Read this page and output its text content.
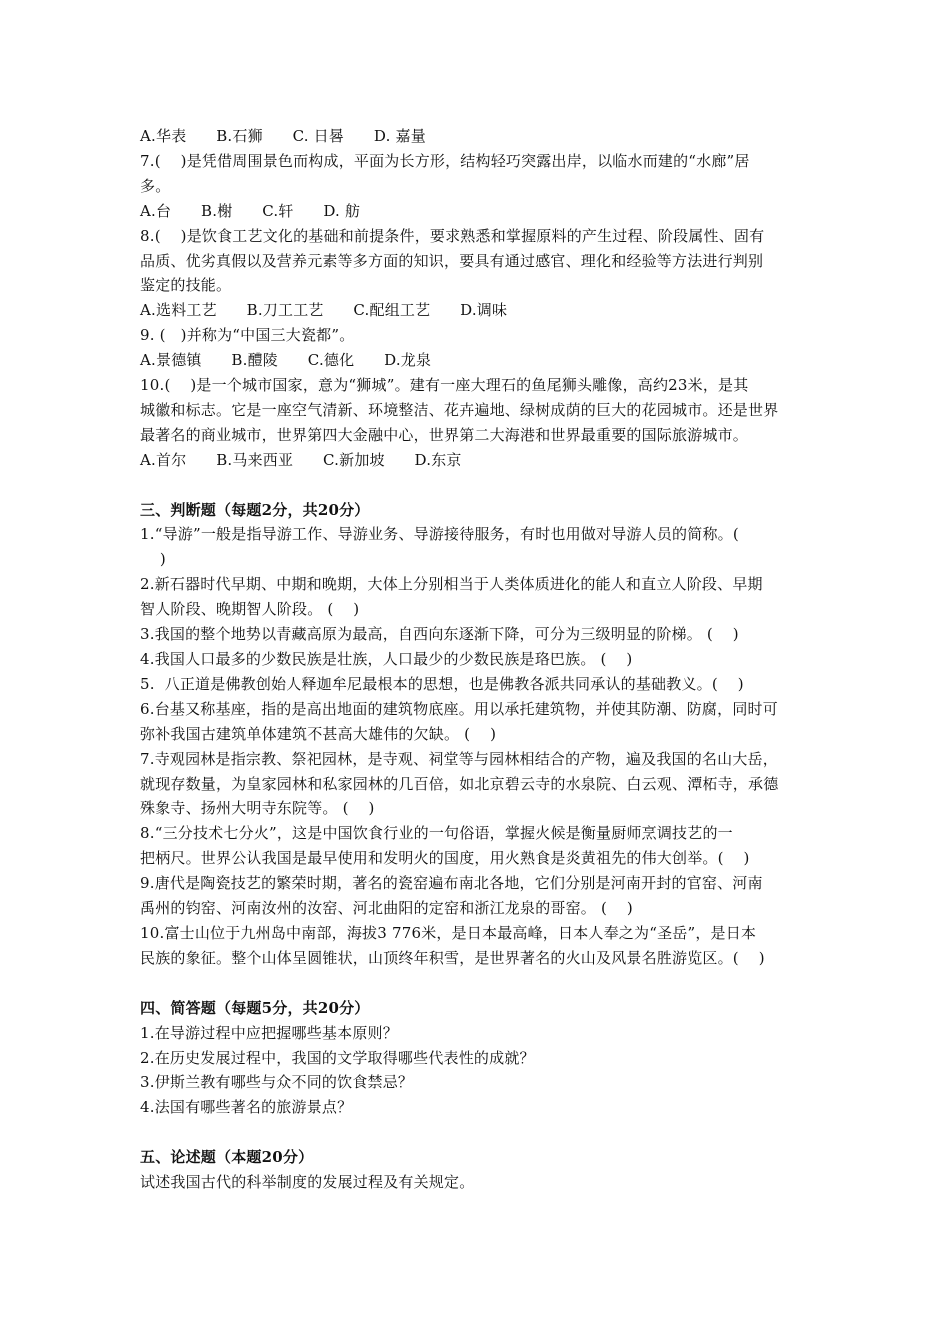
A.华表      B.石狮      C. 日晷      D. 嘉量
7.(    )是凭借周围景色而构成，平面为长方形，结构轻巧突露出岸，以临水而建的“水廊”居
多。
A.台      B.榭      C.轩      D. 舫
8.(    )是饮食工艺文化的基础和前提条件，要求熟悉和掌握原料的产生过程、阶段属性、固有
品质、优劣真假以及营养元素等多方面的知识，要具有通过感官、理化和经验等方法进行判别
鉴定的技能。
A.选料工艺      B.刀工工艺      C.配组工艺      D.调味
9. (   )并称为“中国三大瓷都”。
A.景德镇      B.醴陵      C.德化      D.龙泉
10.(    )是一个城市国家，意为“狮城”。建有一座大理石的鱼尾狮头雕像，高约23米，是其
城徽和标志。它是一座空气清新、环境整洁、花卉遍地、绿树成荫的巨大的花园城市。还是世界
最著名的商业城市，世界第四大金融中心，世界第二大海港和世界最重要的国际旅游城市。
A.首尔      B.马来西亚      C.新加坡      D.东京
三、判断题（每题2分，共20分）
1.“导游”一般是指导游工作、导游业务、导游接待服务，有时也用做对导游人员的简称。(
)
2.新石器时代早期、中期和晚期，大体上分别相当于人类体质进化的能人和直立人阶段、早期
智人阶段、晚期智人阶段。 (    )
3.我国的整个地势以青藏高原为最高，自西向东逐渐下降，可分为三级明显的阶梯。 (    )
4.我国人口最多的少数民族是壮族，人口最少的少数民族是珞巴族。 (    )
5.  八正道是佛教创始人释迦牟尼最根本的思想，也是佛教各派共同承认的基础教义。(    )
6.台基又称基座，指的是高出地面的建筑物底座。用以承托建筑物，并使其防潮、防腐，同时可
弥补我国古建筑单体建筑不甚高大雄伟的欠缺。 (    )
7.寺观园林是指宗教、祭祀园林，是寺观、祠堂等与园林相结合的产物，遍及我国的名山大岳，
就现存数量，为皇家园林和私家园林的几百倍，如北京碧云寺的水泉院、白云观、潭柘寺，承德
殊象寺、扬州大明寺东院等。 (    )
8.“三分技术七分火”，这是中国饮食行业的一句俗语，掌握火候是衡量厨师烹调技艺的一
把柄尺。世界公认我国是最早使用和发明火的国度，用火熟食是炎黄祖先的伟大创举。(    )
9.唐代是陶瓷技艺的繁荣时期，著名的瓷窑遍布南北各地，它们分别是河南开封的官窑、河南
禹州的钧窑、河南汝州的汝窑、河北曲阳的定窑和浙江龙泉的哥窑。 (    )
10.富士山位于九州岛中南部，海拔3 776米，是日本最高峰，日本人奉之为“圣岳”，是日本
民族的象征。整个山体呈圆锥状，山顶终年积雪，是世界著名的火山及风景名胜游览区。(    )
四、简答题（每题5分，共20分）
1.在导游过程中应把握哪些基本原则？
2.在历史发展过程中，我国的文学取得哪些代表性的成就？
3.伊斯兰教有哪些与众不同的饮食禁忌？
4.法国有哪些著名的旅游景点？
五、论述题（本题20分）
试述我国古代的科举制度的发展过程及有关规定。
